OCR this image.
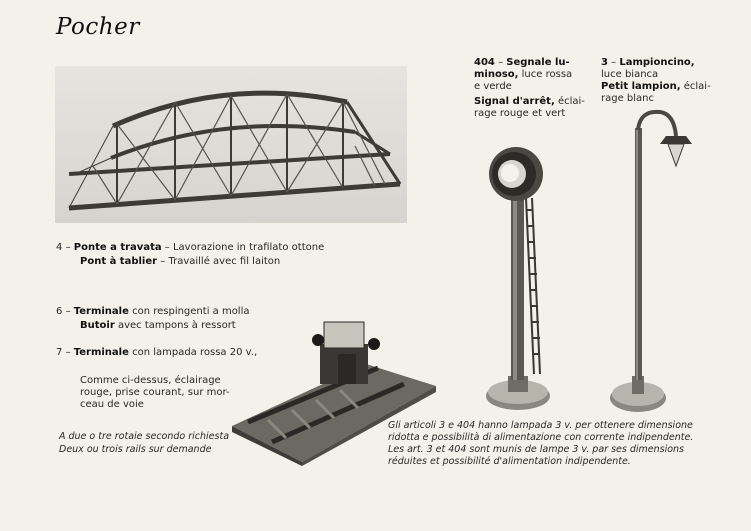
Pocher
4 – Ponte a travata – Lavorazione in trafilato ottone
Pont à tablier – Travaillé avec fil laiton
6 – Terminale con respingenti a molla
Butoir avec tampons à ressort
7 – Terminale con lampada rossa 20 v.,
Comme ci-dessus, éclairage
rouge, prise courant, sur mor-
ceau de voie
A due o tre rotaie secondo richiesta
Deux ou trois rails sur demande
404 – Segnale lu-
minoso, luce rossa
e verde
Signal d'arrêt, éclai-
rage rouge et vert
3 – Lampioncino,
luce bianca
Petit lampion, éclai-
rage blanc
Gli articoli 3 e 404 hanno lampada 3 v. per ottenere dimensione
ridotta e possibilità di alimentazione con corrente indipendente.
Les art. 3 et 404 sont munis de lampe 3 v. par ses dimensions
réduites et possibilité d'alimentation indipendente.
